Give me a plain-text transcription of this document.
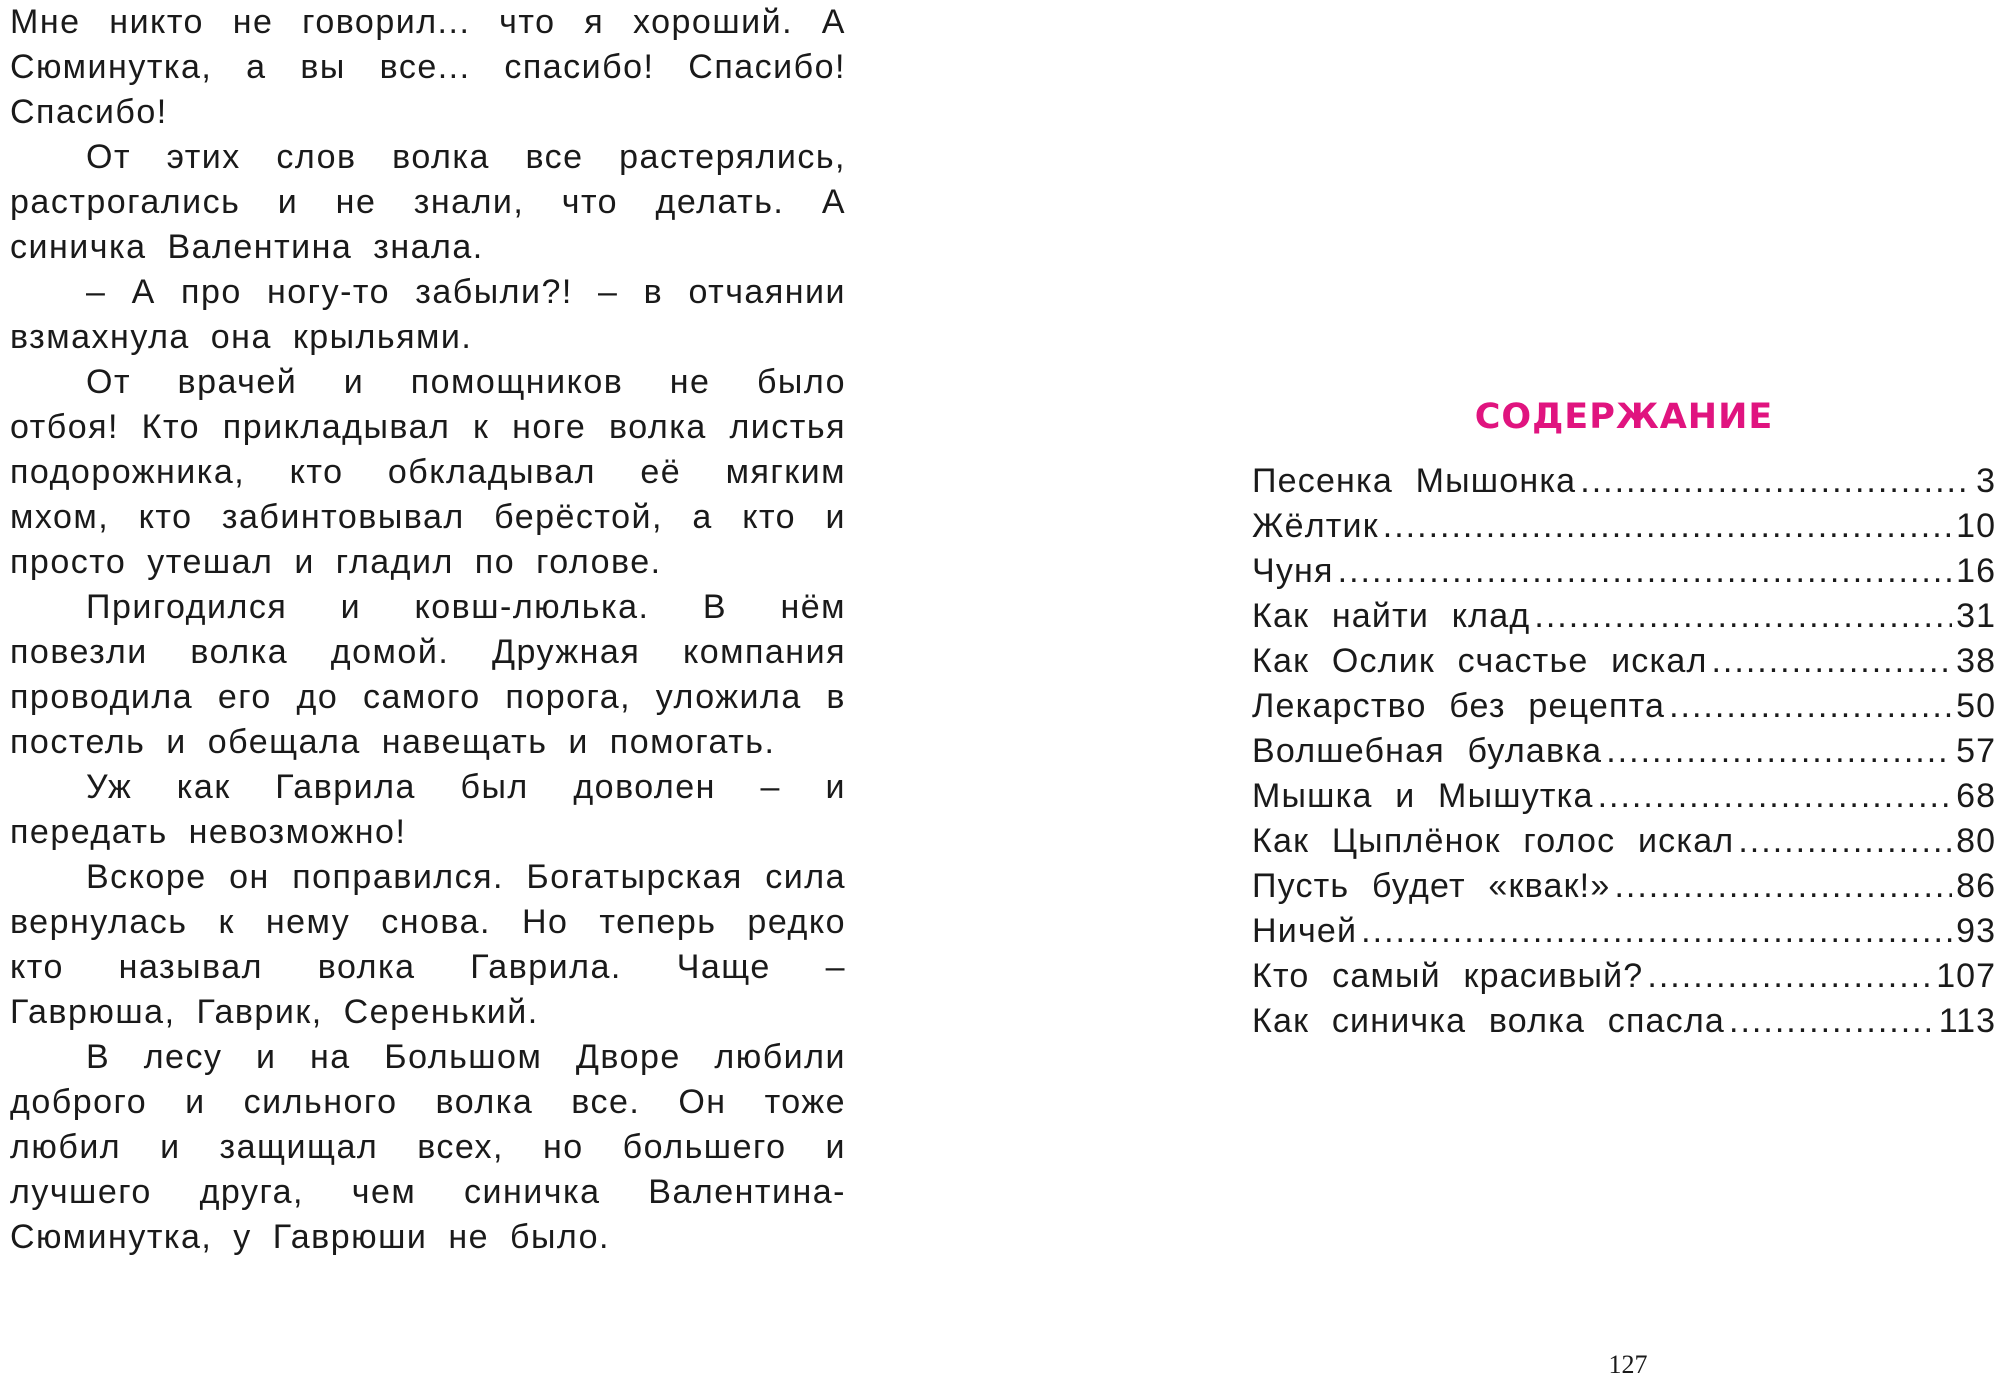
Мне никто не говорил... что я хороший. А Сюминутка, а вы все... спасибо! Спасибо! Спасибо!

От этих слов волка все растерялись, растрогались и не знали, что делать. А синичка Валентина знала.

– А про ногу-то забыли?! – в отчаянии взмахнула она крыльями.

От врачей и помощников не было отбоя! Кто прикладывал к ноге волка листья подорожника, кто обкладывал её мягким мхом, кто забинтовывал берёстой, а кто и просто утешал и гладил по голове.

Пригодился и ковш-люлька. В нём повезли волка домой. Дружная компания проводила его до самого порога, уложила в постель и обещала навещать и помогать.

Уж как Гаврила был доволен – и передать невозможно!

Вскоре он поправился. Богатырская сила вернулась к нему снова. Но теперь редко кто называл волка Гаврила. Чаще – Гаврюша, Гаврик, Серенький.

В лесу и на Большом Дворе любили доброго и сильного волка все. Он тоже любил и защищал всех, но большего и лучшего друга, чем синичка Валентина-Сюминутка, у Гаврюши не было.

СОДЕРЖАНИЕ
Песенка Мышонка .....	3
Жёлтик .....	10
Чуня .....	16
Как найти клад .....	31
Как Ослик счастье искал .....	38
Лекарство без рецепта .....	50
Волшебная булавка .....	57
Мышка и Мышутка .....	68
Как Цыплёнок голос искал .....	80
Пусть будет «квак!» .....	86
Ничей .....	93
Кто самый красивый? .....	107
Как синичка волка спасла .....	113
127
